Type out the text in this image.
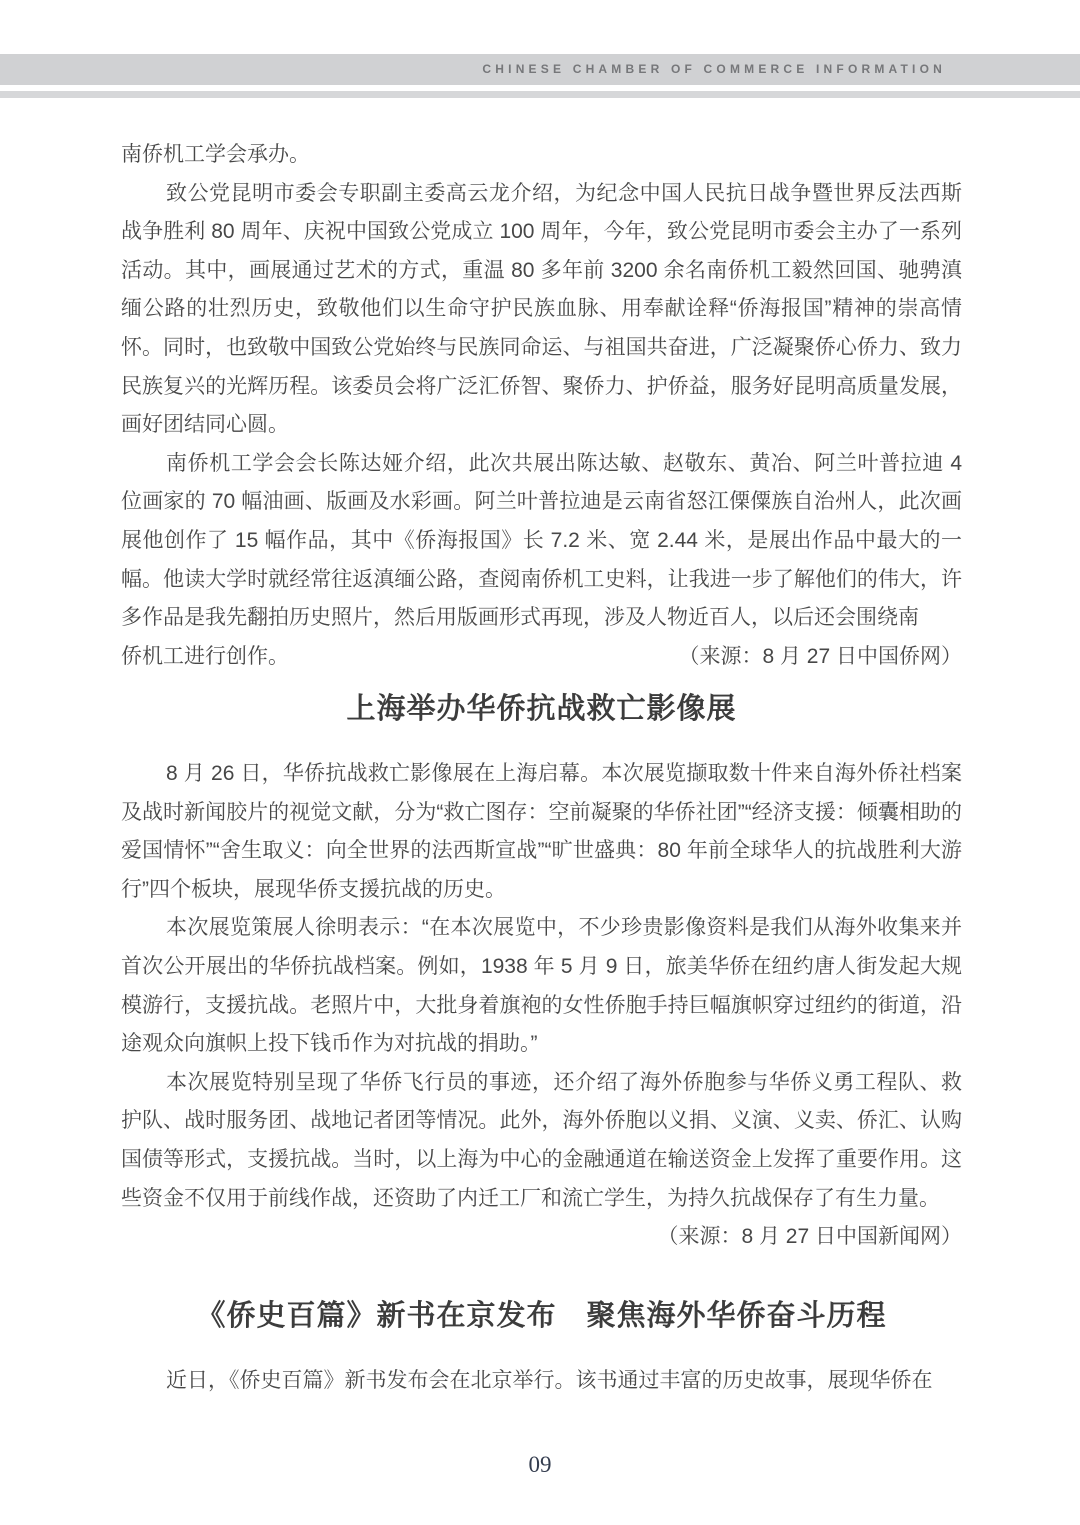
CHINESE CHAMBER OF COMMERCE INFORMATION

南侨机工学会承办。

致公党昆明市委会专职副主委高云龙介绍，为纪念中国人民抗日战争暨世界反法西斯战争胜利 80 周年、庆祝中国致公党成立 100 周年，今年，致公党昆明市委会主办了一系列活动。其中，画展通过艺术的方式，重温 80 多年前 3200 余名南侨机工毅然回国、驰骋滇缅公路的壮烈历史，致敬他们以生命守护民族血脉、用奉献诠释“侨海报国”精神的崇高情怀。同时，也致敬中国致公党始终与民族同命运、与祖国共奋进，广泛凝聚侨心侨力、致力民族复兴的光辉历程。该委员会将广泛汇侨智、聚侨力、护侨益，服务好昆明高质量发展，画好团结同心圆。

南侨机工学会会长陈达娅介绍，此次共展出陈达敏、赵敬东、黄冶、阿兰叶普拉迪 4 位画家的 70 幅油画、版画及水彩画。阿兰叶普拉迪是云南省怒江傈僳族自治州人，此次画展他创作了 15 幅作品，其中《侨海报国》长 7.2 米、宽 2.44 米，是展出作品中最大的一幅。他读大学时就经常往返滇缅公路，查阅南侨机工史料，让我进一步了解他们的伟大，许多作品是我先翻拍历史照片，然后用版画形式再现，涉及人物近百人，以后还会围绕南

侨机工进行创作。	（来源：8 月 27 日中国侨网）
上海举办华侨抗战救亡影像展

8 月 26 日，华侨抗战救亡影像展在上海启幕。本次展览撷取数十件来自海外侨社档案及战时新闻胶片的视觉文献，分为“救亡图存：空前凝聚的华侨社团”“经济支援：倾囊相助的爱国情怀”“舍生取义：向全世界的法西斯宣战”“旷世盛典：80 年前全球华人的抗战胜利大游行”四个板块，展现华侨支援抗战的历史。

本次展览策展人徐明表示：“在本次展览中，不少珍贵影像资料是我们从海外收集来并首次公开展出的华侨抗战档案。例如，1938 年 5 月 9 日，旅美华侨在纽约唐人街发起大规模游行，支援抗战。老照片中，大批身着旗袍的女性侨胞手持巨幅旗帜穿过纽约的街道，沿途观众向旗帜上投下钱币作为对抗战的捐助。”

本次展览特别呈现了华侨飞行员的事迹，还介绍了海外侨胞参与华侨义勇工程队、救护队、战时服务团、战地记者团等情况。此外，海外侨胞以义捐、义演、义卖、侨汇、认购国债等形式，支援抗战。当时，以上海为中心的金融通道在输送资金上发挥了重要作用。这些资金不仅用于前线作战，还资助了内迁工厂和流亡学生，为持久抗战保存了有生力量。

（来源：8 月 27 日中国新闻网）
《侨史百篇》新书在京发布　聚焦海外华侨奋斗历程

近日，《侨史百篇》新书发布会在北京举行。该书通过丰富的历史故事，展现华侨在

09
